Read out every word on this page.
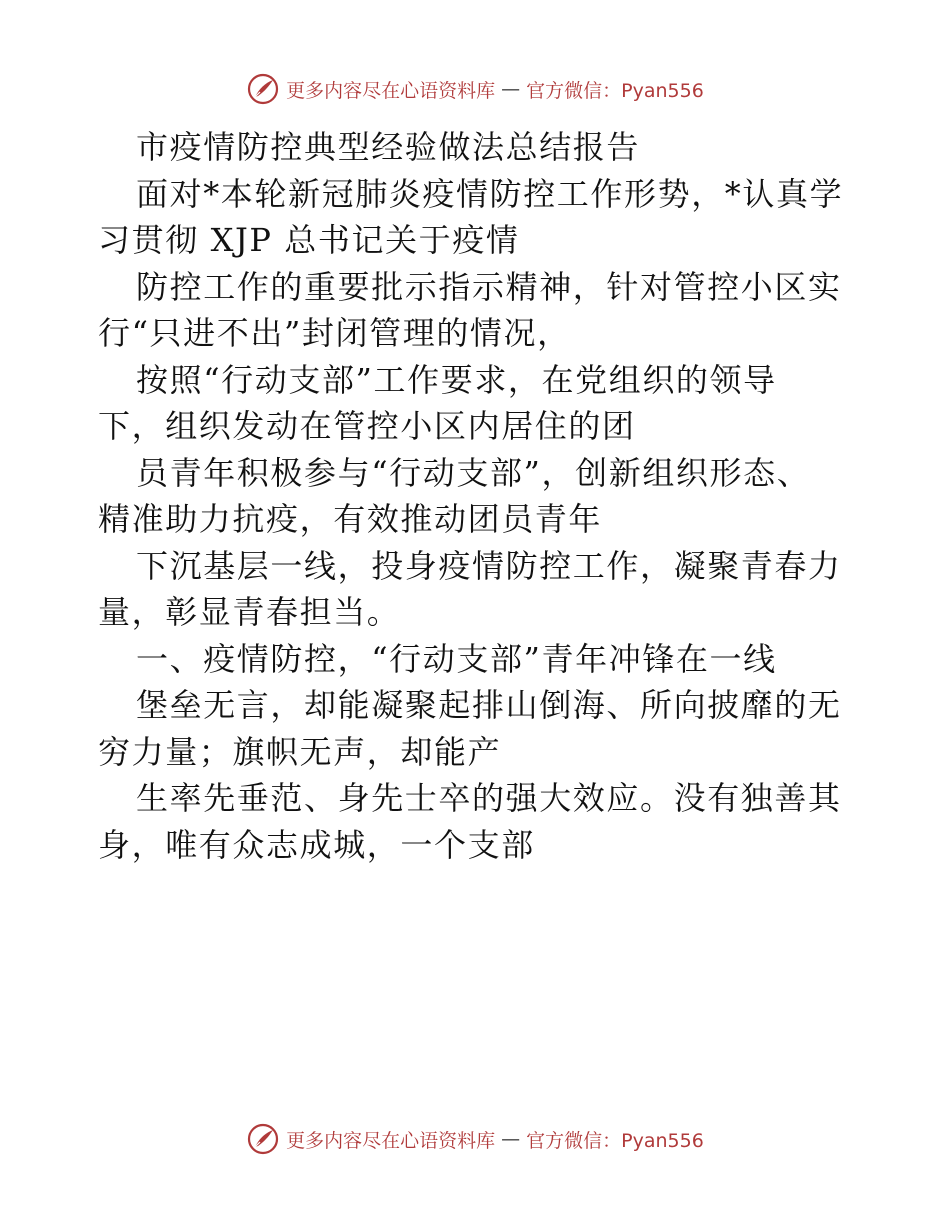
更多内容尽在心语资料库 — 官方微信：Pyan556
市疫情防控典型经验做法总结报告
面对*本轮新冠肺炎疫情防控工作形势，*认真学
习贯彻 XJP 总书记关于疫情
防控工作的重要批示指示精神，针对管控小区实
行“只进不出”封闭管理的情况，
按照“行动支部”工作要求，在党组织的领导
下，组织发动在管控小区内居住的团
员青年积极参与“行动支部”，创新组织形态、
精准助力抗疫，有效推动团员青年
下沉基层一线，投身疫情防控工作，凝聚青春力
量，彰显青春担当。
一、疫情防控，“行动支部”青年冲锋在一线
堡垒无言，却能凝聚起排山倒海、所向披靡的无
穷力量；旗帜无声，却能产
生率先垂范、身先士卒的强大效应。没有独善其
身，唯有众志成城，一个支部
更多内容尽在心语资料库 — 官方微信：Pyan556
